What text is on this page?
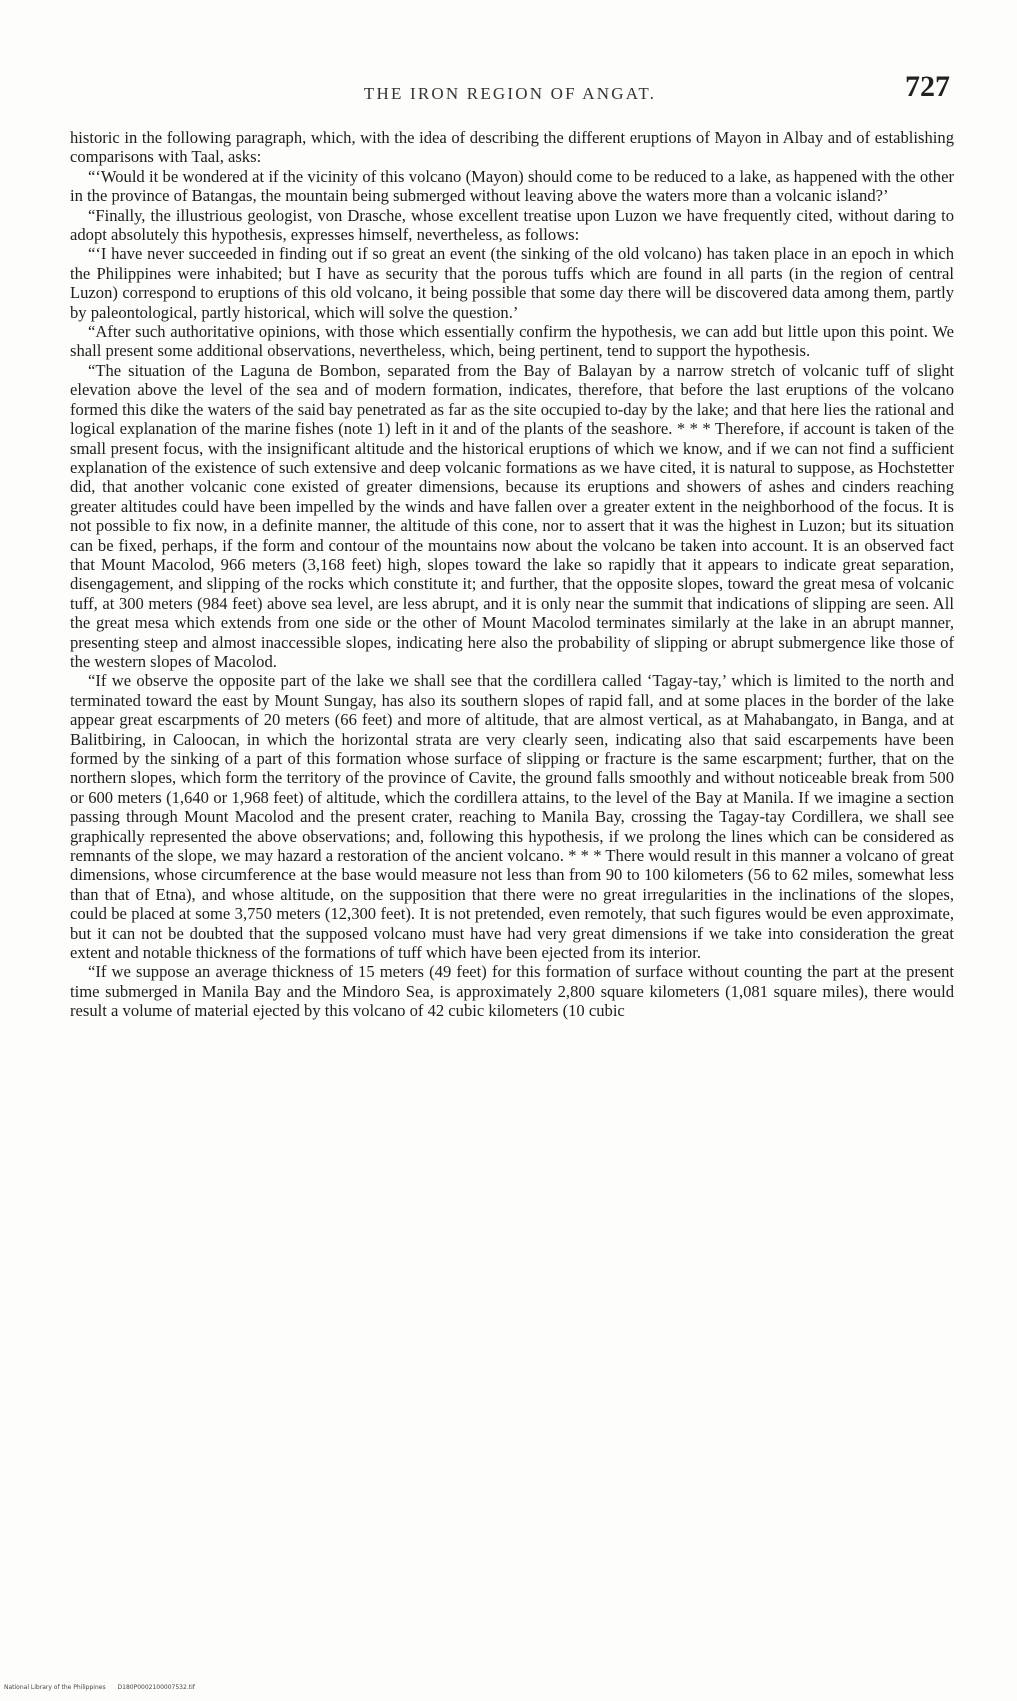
THE IRON REGION OF ANGAT.	727

historic in the following paragraph, which, with the idea of describing the different eruptions of Mayon in Albay and of establishing comparisons with Taal, asks:

“‘Would it be wondered at if the vicinity of this volcano (Mayon) should come to be reduced to a lake, as happened with the other in the province of Batangas, the mountain being submerged without leaving above the waters more than a volcanic island?’

“Finally, the illustrious geologist, von Drasche, whose excellent treatise upon Luzon we have frequently cited, without daring to adopt absolutely this hypothesis, expresses himself, nevertheless, as follows:

“‘I have never succeeded in finding out if so great an event (the sinking of the old volcano) has taken place in an epoch in which the Philippines were inhabited; but I have as security that the porous tuffs which are found in all parts (in the region of central Luzon) correspond to eruptions of this old volcano, it being possible that some day there will be discovered data among them, partly by paleontological, partly historical, which will solve the question.’

“After such authoritative opinions, with those which essentially confirm the hypothesis, we can add but little upon this point. We shall present some additional observations, nevertheless, which, being pertinent, tend to support the hypothesis.

“The situation of the Laguna de Bombon, separated from the Bay of Balayan by a narrow stretch of volcanic tuff of slight elevation above the level of the sea and of modern formation, indicates, therefore, that before the last eruptions of the volcano formed this dike the waters of the said bay penetrated as far as the site occupied to-day by the lake; and that here lies the rational and logical explanation of the marine fishes (note 1) left in it and of the plants of the seashore. * * * Therefore, if account is taken of the small present focus, with the insignificant altitude and the historical eruptions of which we know, and if we can not find a sufficient explanation of the existence of such extensive and deep volcanic formations as we have cited, it is natural to suppose, as Hochstetter did, that another volcanic cone existed of greater dimensions, because its eruptions and showers of ashes and cinders reaching greater altitudes could have been impelled by the winds and have fallen over a greater extent in the neighborhood of the focus. It is not possible to fix now, in a definite manner, the altitude of this cone, nor to assert that it was the highest in Luzon; but its situation can be fixed, perhaps, if the form and contour of the mountains now about the volcano be taken into account. It is an observed fact that Mount Macolod, 966 meters (3,168 feet) high, slopes toward the lake so rapidly that it appears to indicate great separation, disengagement, and slipping of the rocks which constitute it; and further, that the opposite slopes, toward the great mesa of volcanic tuff, at 300 meters (984 feet) above sea level, are less abrupt, and it is only near the summit that indications of slipping are seen. All the great mesa which extends from one side or the other of Mount Macolod terminates similarly at the lake in an abrupt manner, presenting steep and almost inaccessible slopes, indicating here also the probability of slipping or abrupt submergence like those of the western slopes of Macolod.

“If we observe the opposite part of the lake we shall see that the cordillera called ‘Tagay-tay,’ which is limited to the north and terminated toward the east by Mount Sungay, has also its southern slopes of rapid fall, and at some places in the border of the lake appear great escarpments of 20 meters (66 feet) and more of altitude, that are almost vertical, as at Mahabangato, in Banga, and at Balitbiring, in Caloocan, in which the horizontal strata are very clearly seen, indicating also that said escarpements have been formed by the sinking of a part of this formation whose surface of slipping or fracture is the same escarpment; further, that on the northern slopes, which form the territory of the province of Cavite, the ground falls smoothly and without noticeable break from 500 or 600 meters (1,640 or 1,968 feet) of altitude, which the cordillera attains, to the level of the Bay at Manila. If we imagine a section passing through Mount Macolod and the present crater, reaching to Manila Bay, crossing the Tagay-tay Cordillera, we shall see graphically represented the above observations; and, following this hypothesis, if we prolong the lines which can be considered as remnants of the slope, we may hazard a restoration of the ancient volcano. * * * There would result in this manner a volcano of great dimensions, whose circumference at the base would measure not less than from 90 to 100 kilometers (56 to 62 miles, somewhat less than that of Etna), and whose altitude, on the supposition that there were no great irregularities in the inclinations of the slopes, could be placed at some 3,750 meters (12,300 feet). It is not pretended, even remotely, that such figures would be even approximate, but it can not be doubted that the supposed volcano must have had very great dimensions if we take into consideration the great extent and notable thickness of the formations of tuff which have been ejected from its interior.

“If we suppose an average thickness of 15 meters (49 feet) for this formation of surface without counting the part at the present time submerged in Manila Bay and the Mindoro Sea, is approximately 2,800 square kilometers (1,081 square miles), there would result a volume of material ejected by this volcano of 42 cubic kilometers (10 cubic

National Library of the Philippines D180P0002100007532.tif
